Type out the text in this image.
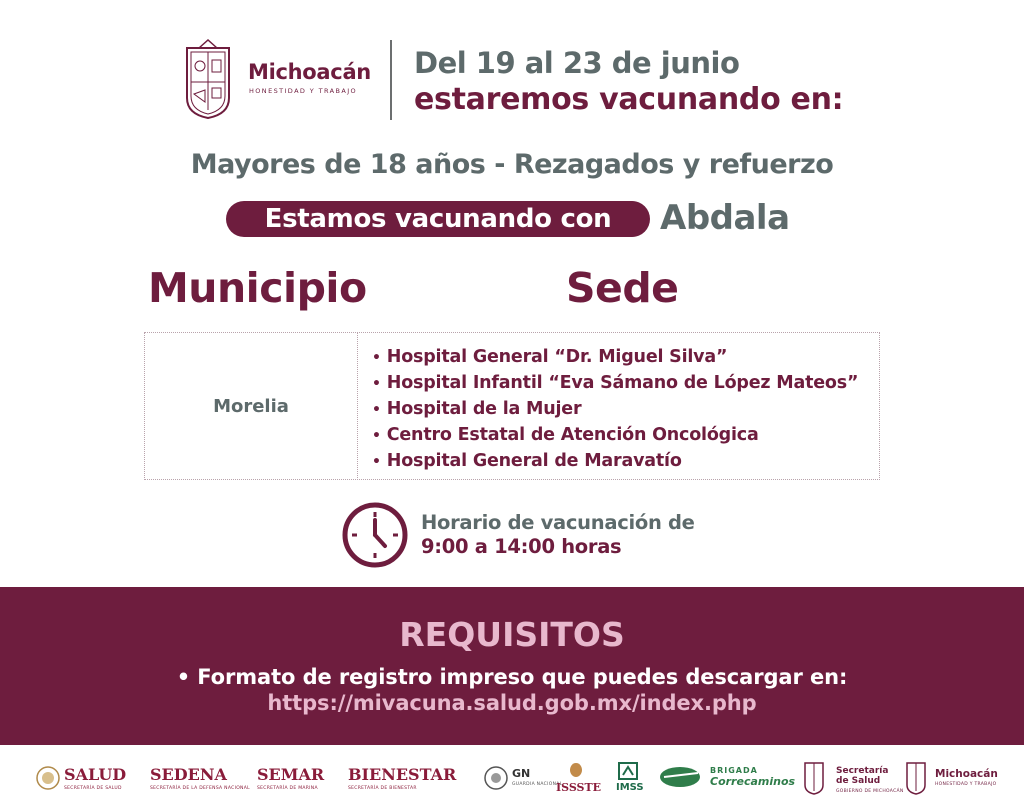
Michoacán
HONESTIDAD Y TRABAJO
Del 19 al 23 de junio
estaremos vacunando en:
Mayores de 18 años - Rezagados y refuerzo
Estamos vacunando con	Abdala
Municipio	Sede
Morelia
• Hospital General “Dr. Miguel Silva”
• Hospital Infantil “Eva Sámano de López Mateos”
• Hospital de la Mujer
• Centro Estatal de Atención Oncológica
• Hospital General de Maravatío
Horario de vacunación de
9:00 a 14:00 horas
REQUISITOS
• Formato de registro impreso que puedes descargar en:
https://mivacuna.salud.gob.mx/index.php
SALUD
SECRETARÍA DE SALUD
SEDENA
SECRETARÍA DE LA DEFENSA NACIONAL
SEMAR
SECRETARÍA DE MARINA
BIENESTAR
SECRETARÍA DE BIENESTAR
GN
GUARDIA NACIONAL
ISSSTE IMSS
BRIGADA
Correcaminos
Secretaría
de Salud
GOBIERNO DE MICHOACÁN
Michoacán
HONESTIDAD Y TRABAJO
